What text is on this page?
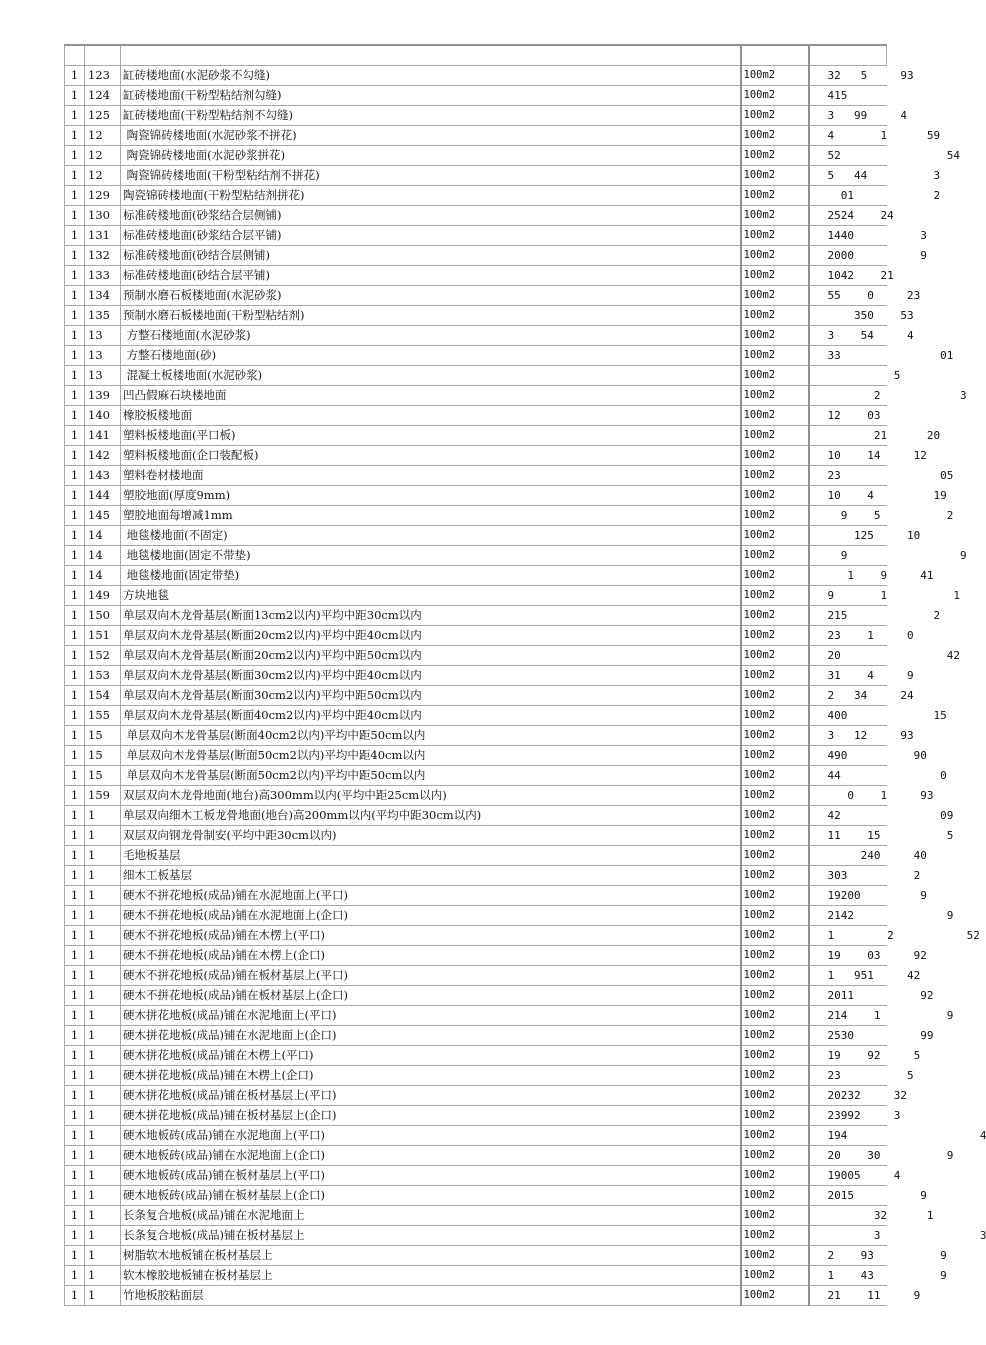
1	123	缸砖楼地面(水泥砂浆不勾缝)	100m2	32   5     93
1	124	缸砖楼地面(干粉型粘结剂勾缝)	100m2	415
1	125	缸砖楼地面(干粉型粘结剂不勾缝)	100m2	3   99     4
1	12	陶瓷锦砖楼地面(水泥砂浆不拼花)	100m2	4       1      59
1	12	陶瓷锦砖楼地面(水泥砂浆拼花)	100m2	52                54
1	12	陶瓷锦砖楼地面(干粉型粘结剂不拼花)	100m2	5   44          3
1	129	陶瓷锦砖楼地面(干粉型粘结剂拼花)	100m2	01            2
1	130	标准砖楼地面(砂浆结合层侧铺)	100m2	2524    24
1	131	标准砖楼地面(砂浆结合层平铺)	100m2	1440          3
1	132	标准砖楼地面(砂结合层侧铺)	100m2	2000          9
1	133	标准砖楼地面(砂结合层平铺)	100m2	1042    21
1	134	预制水磨石板楼地面(水泥砂浆)	100m2	55    0     23
1	135	预制水磨石板楼地面(干粉型粘结剂)	100m2	350    53
1	13	方整石楼地面(水泥砂浆)	100m2	3    54     4
1	13	方整石楼地面(砂)	100m2	33               01
1	13	混凝土板楼地面(水泥砂浆)	100m2	5
1	139	凹凸假麻石块楼地面	100m2	2            3
1	140	橡胶板楼地面	100m2	12    03
1	141	塑料板楼地面(平口板)	100m2	21      20
1	142	塑料板楼地面(企口装配板)	100m2	10    14     12
1	143	塑料卷材楼地面	100m2	23               05
1	144	塑胶地面(厚度9mm)	100m2	10    4         19
1	145	塑胶地面每增减1mm	100m2	9    5          2
1	14	地毯楼地面(不固定)	100m2	125     10
1	14	地毯楼地面(固定不带垫)	100m2	9                 9
1	14	地毯楼地面(固定带垫)	100m2	1    9     41
1	149	方块地毯	100m2	9       1          1
1	150	单层双向木龙骨基层(断面13cm2以内)平均中距30cm以内	100m2	215             2
1	151	单层双向木龙骨基层(断面20cm2以内)平均中距40cm以内	100m2	23    1     0
1	152	单层双向木龙骨基层(断面20cm2以内)平均中距50cm以内	100m2	20                42
1	153	单层双向木龙骨基层(断面30cm2以内)平均中距40cm以内	100m2	31    4     9
1	154	单层双向木龙骨基层(断面30cm2以内)平均中距50cm以内	100m2	2   34     24
1	155	单层双向木龙骨基层(断面40cm2以内)平均中距40cm以内	100m2	400             15
1	15	单层双向木龙骨基层(断面40cm2以内)平均中距50cm以内	100m2	3   12     93
1	15	单层双向木龙骨基层(断面50cm2以内)平均中距40cm以内	100m2	490          90
1	15	单层双向木龙骨基层(断面50cm2以内)平均中距50cm以内	100m2	44               0
1	159	双层双向木龙骨地面(地台)高300mm以内(平均中距25cm以内)	100m2	0    1     93
1	1	单层双向细木工板龙骨地面(地台)高200mm以内(平均中距30cm以内)	100m2	42               09
1	1	双层双向钢龙骨制安(平均中距30cm以内)	100m2	11    15          5
1	1	毛地板基层	100m2	240     40
1	1	细木工板基层	100m2	303          2
1	1	硬木不拼花地板(成品)铺在水泥地面上(平口)	100m2	19200         9
1	1	硬木不拼花地板(成品)铺在水泥地面上(企口)	100m2	2142              9
1	1	硬木不拼花地板(成品)铺在木楞上(平口)	100m2	1        2           52
1	1	硬木不拼花地板(成品)铺在木楞上(企口)	100m2	19    03     92
1	1	硬木不拼花地板(成品)铺在板材基层上(平口)	100m2	1   951     42
1	1	硬木不拼花地板(成品)铺在板材基层上(企口)	100m2	2011          92
1	1	硬木拼花地板(成品)铺在水泥地面上(平口)	100m2	214    1          9
1	1	硬木拼花地板(成品)铺在水泥地面上(企口)	100m2	2530          99
1	1	硬木拼花地板(成品)铺在木楞上(平口)	100m2	19    92     5
1	1	硬木拼花地板(成品)铺在木楞上(企口)	100m2	23          5
1	1	硬木拼花地板(成品)铺在板材基层上(平口)	100m2	20232     32
1	1	硬木拼花地板(成品)铺在板材基层上(企口)	100m2	23992     3
1	1	硬木地板砖(成品)铺在水泥地面上(平口)	100m2	194                    4
1	1	硬木地板砖(成品)铺在水泥地面上(企口)	100m2	20    30          9
1	1	硬木地板砖(成品)铺在板材基层上(平口)	100m2	19005     4
1	1	硬木地板砖(成品)铺在板材基层上(企口)	100m2	2015          9
1	1	长条复合地板(成品)铺在水泥地面上	100m2	32      1
1	1	长条复合地板(成品)铺在板材基层上	100m2	3               3
1	1	树脂软木地板铺在板材基层上	100m2	2    93          9
1	1	软木橡胶地板铺在板材基层上	100m2	1    43          9
1	1	竹地板胶粘面层	100m2	21    11     9
